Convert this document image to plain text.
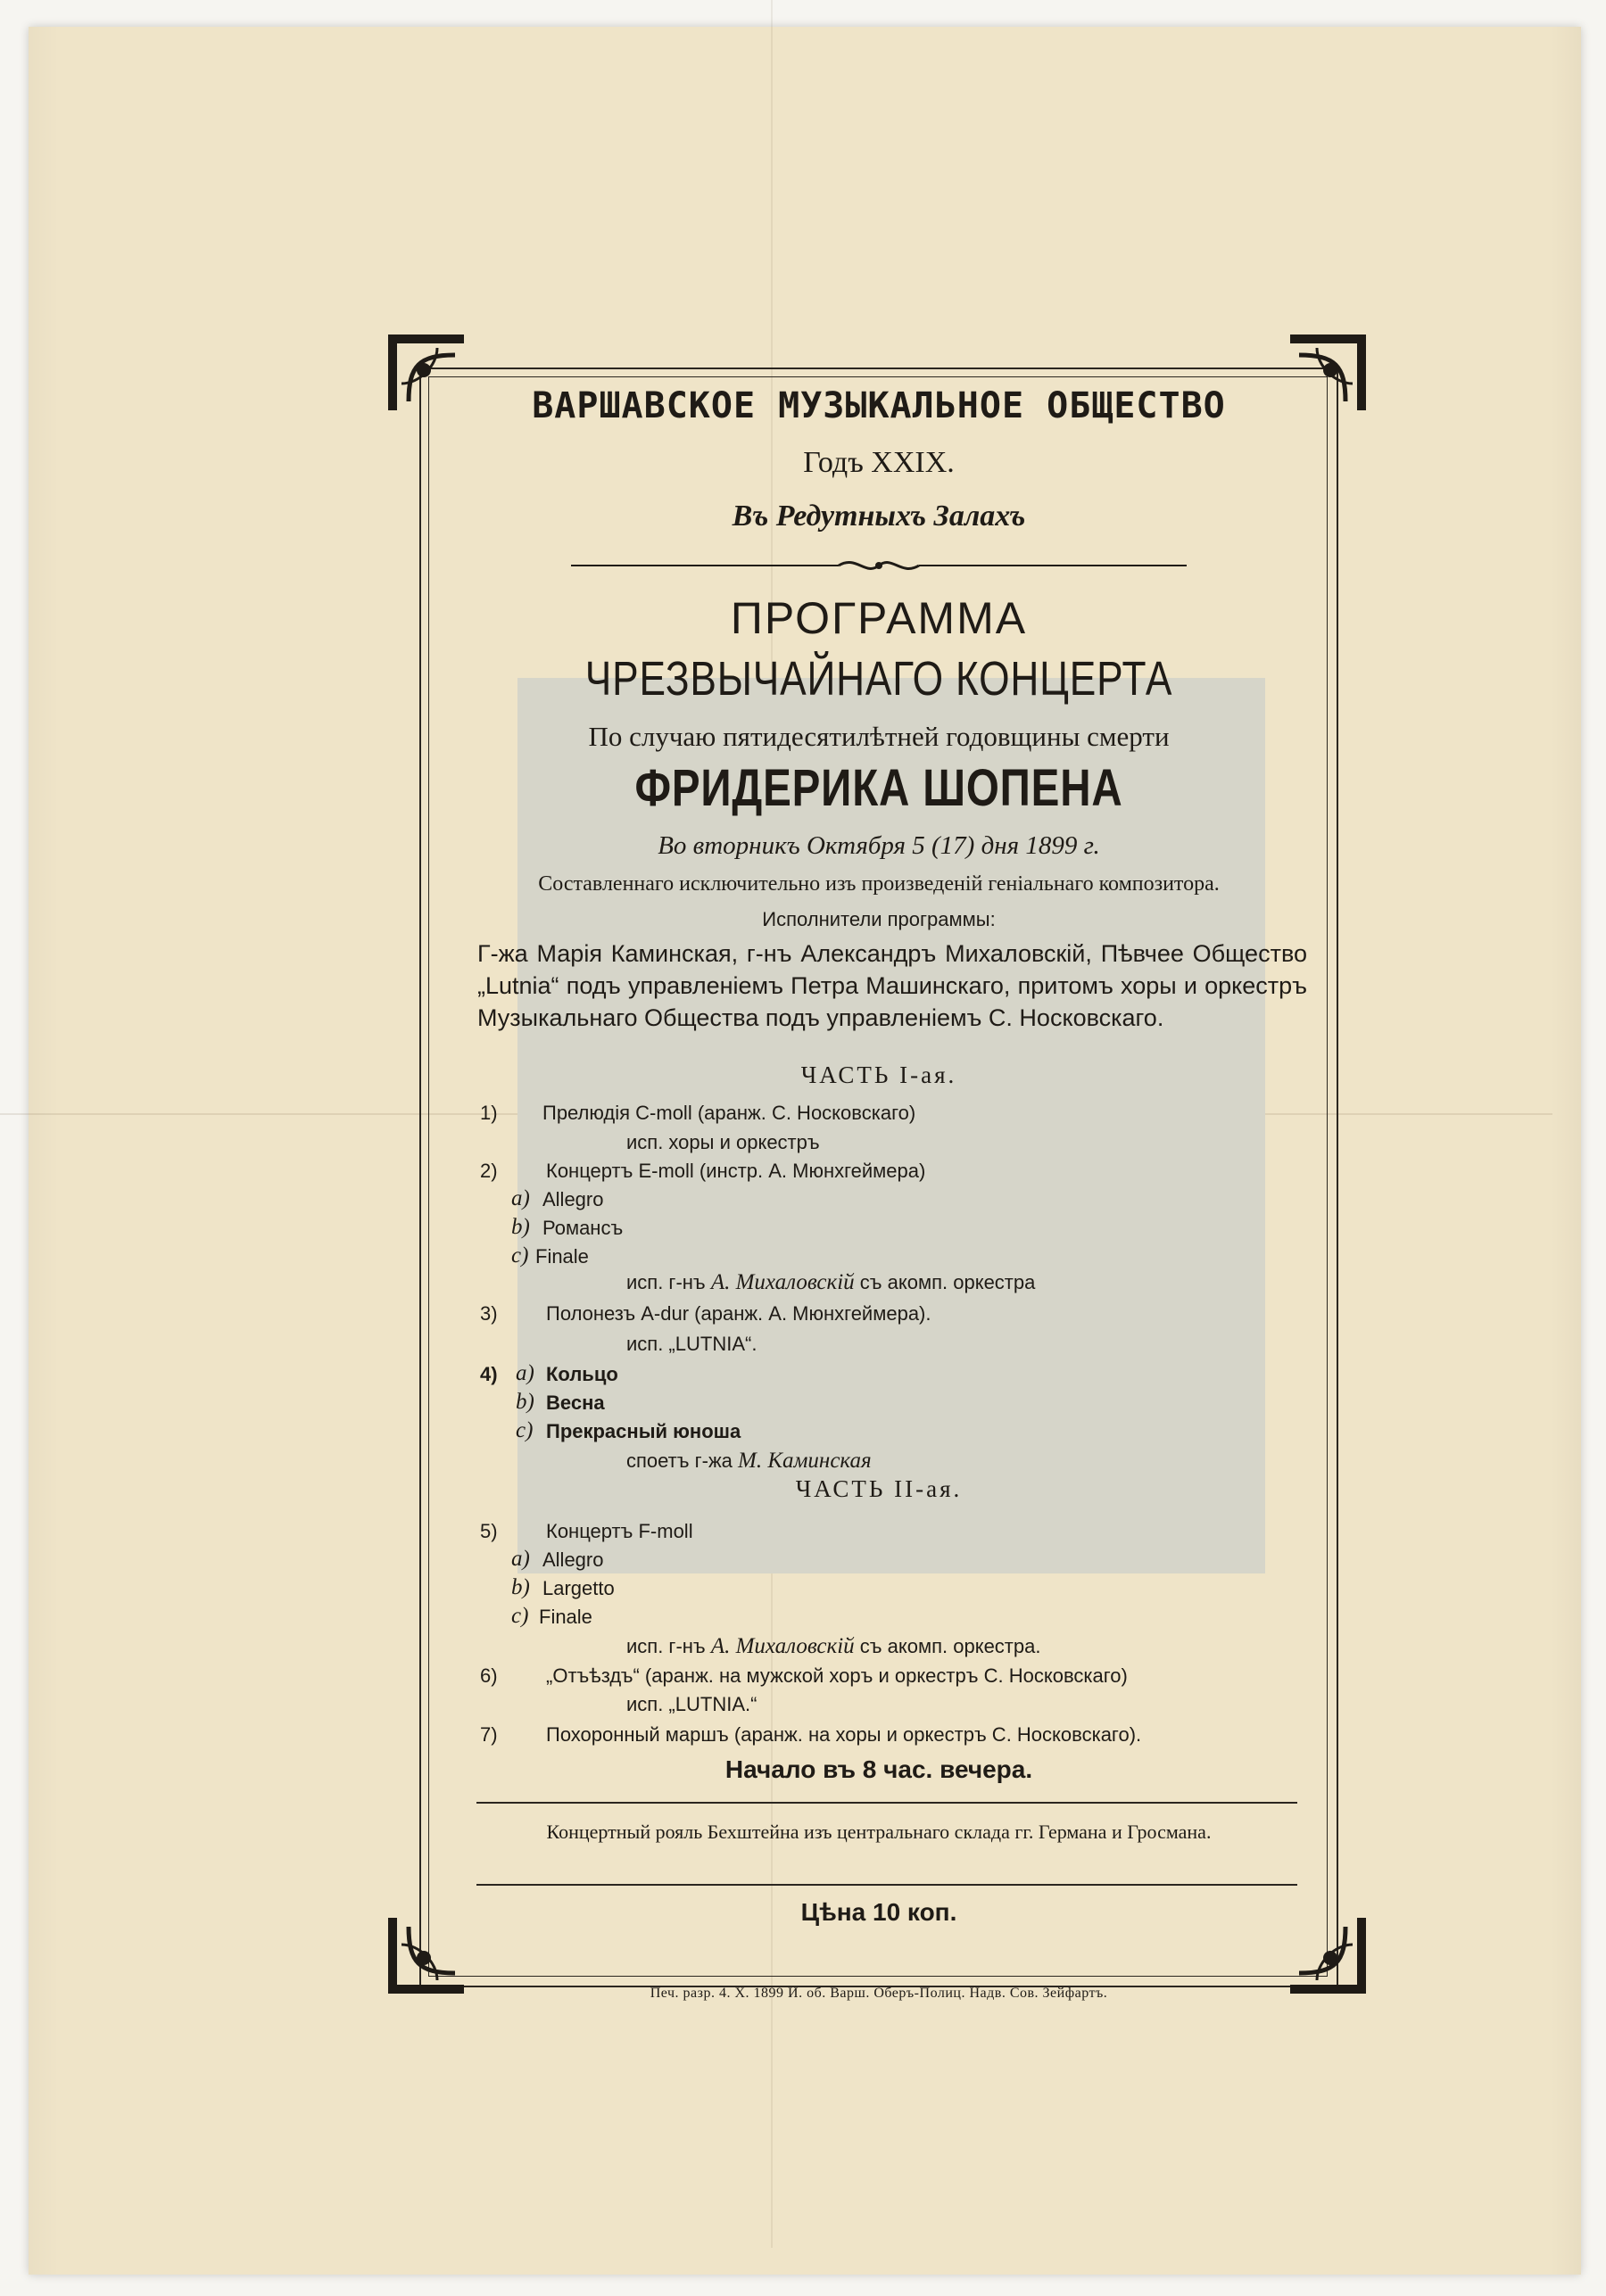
ВАРШАВСКОЕ МУЗЫКАЛЬНОЕ ОБЩЕСТВО
Годъ XXIX.
Въ Редутныхъ Залахъ
ПРОГРАММА
ЧРЕЗВЫЧАЙНАГО КОНЦЕРТА
По случаю пятидесятилѣтней годовщины смерти
ФРИДЕРИКА ШОПЕНА
Во вторникъ Октября 5 (17) дня 1899 г.
Составленнаго исключительно изъ произведенiй генiальнаго композитора.
Исполнители программы:
Г-жа Марiя Каминская, г-нъ Александръ Михаловскiй, Пѣвчее Общество „Lutnia“ подъ управленiемъ Петра Машинскаго, притомъ хоры и оркестръ Музыкальнаго Общества подъ управленiемъ С. Носковскаго.
ЧАСТЬ I-ая.
1) Прелюдiя C-moll (аранж. С. Носковскаго)
исп. хоры и оркестръ
2) Концертъ E-moll (инстр. А. Мюнхгеймера)
a) Allegro
b) Романсъ
c) Finale
исп. г-нъ А. Михаловскiй съ акомп. оркестра
3) Полонезъ A-dur (аранж. А. Мюнхгеймера).
исп. „LUTNIA“.
4) a) Кольцо
b) Весна
c) Прекрасный юноша
споетъ г-жа М. Каминская
ЧАСТЬ II-ая.
5) Концертъ F-moll
a) Allegro
b) Largetto
c) Finale
исп. г-нъ А. Михаловскiй съ акомп. оркестра.
6) „Отъѣздъ“ (аранж. на мужской хоръ и оркестръ С. Носковскаго)
исп. „LUTNIA.“
7) Похоронный маршъ (аранж. на хоры и оркестръ С. Носковскаго).
Начало въ 8 час. вечера.
Концертный рояль Бехштейна изъ центральнаго склада гг. Германа и Гросмана.
Цѣна 10 коп.
Печ. разр. 4. X. 1899 И. об. Варш. Оберъ-Полиц. Надв. Сов. Зейфартъ.
